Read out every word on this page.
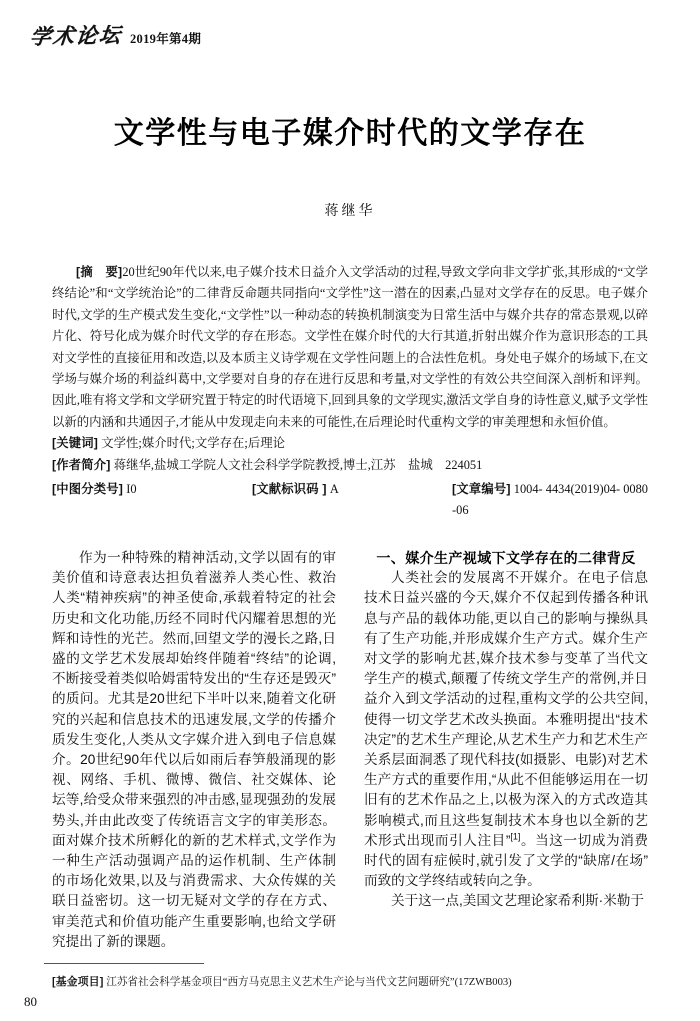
学术论坛 2019年第4期
文学性与电子媒介时代的文学存在
蒋继华

[摘　要]20世纪90年代以来,电子媒介技术日益介入文学活动的过程,导致文学向非文学扩张,其形成的“文学终结论”和“文学统治论”的二律背反命题共同指向“文学性”这一潜在的因素,凸显对文学存在的反思。电子媒介时代,文学的生产模式发生变化,“文学性”以一种动态的转换机制演变为日常生活中与媒介共存的常态景观,以碎片化、符号化成为媒介时代文学的存在形态。文学性在媒介时代的大行其道,折射出媒介作为意识形态的工具对文学性的直接征用和改造,以及本质主义诗学观在文学性问题上的合法性危机。身处电子媒介的场域下,在文学场与媒介场的利益纠葛中,文学要对自身的存在进行反思和考量,对文学性的有效公共空间深入剖析和评判。因此,唯有将文学和文学研究置于特定的时代语境下,回到具象的文学现实,激活文学自身的诗性意义,赋予文学性以新的内涵和共通因子,才能从中发现走向未来的可能性,在后理论时代重构文学的审美理想和永恒价值。

[关键词] 文学性;媒介时代;文学存在;后理论

[作者简介] 蒋继华,盐城工学院人文社会科学学院教授,博士,江苏　盐城　224051

[中图分类号] I0	[文献标识码 ] A	[文章编号] 1004- 4434(2019)04- 0080 -06

作为一种特殊的精神活动,文学以固有的审美价值和诗意表达担负着滋养人类心性、救治人类“精神疾病”的神圣使命,承载着特定的社会历史和文化功能,历经不同时代闪耀着思想的光辉和诗性的光芒。然而,回望文学的漫长之路,日盛的文学艺术发展却始终伴随着“终结”的论调,不断接受着类似哈姆雷特发出的“生存还是毁灭”的质问。尤其是20世纪下半叶以来,随着文化研究的兴起和信息技术的迅速发展,文学的传播介质发生变化,人类从文字媒介进入到电子信息媒介。20世纪90年代以后如雨后春笋般涌现的影视、网络、手机、微博、微信、社交媒体、论坛等,给受众带来强烈的冲击感,显现强劲的发展势头,并由此改变了传统语言文字的审美形态。面对媒介技术所孵化的新的艺术样式,文学作为一种生产活动强调产品的运作机制、生产体制的市场化效果,以及与消费需求、大众传媒的关联日益密切。这一切无疑对文学的存在方式、审美范式和价值功能产生重要影响,也给文学研究提出了新的课题。

一、媒介生产视域下文学存在的二律背反

人类社会的发展离不开媒介。在电子信息技术日益兴盛的今天,媒介不仅起到传播各种讯息与产品的载体功能,更以自己的影响与操纵具有了生产功能,并形成媒介生产方式。媒介生产对文学的影响尤甚,媒介技术参与变革了当代文学生产的模式,颠覆了传统文学生产的常例,并日益介入到文学活动的过程,重构文学的公共空间,使得一切文学艺术改头换面。本雅明提出“技术决定”的艺术生产理论,从艺术生产力和艺术生产关系层面洞悉了现代科技(如摄影、电影)对艺术生产方式的重要作用,“从此不但能够运用在一切旧有的艺术作品之上,以极为深入的方式改造其影响模式,而且这些复制技术本身也以全新的艺术形式出现而引人注目”[1]。当这一切成为消费时代的固有症候时,就引发了文学的“缺席/在场”而致的文学终结或转向之争。

关于这一点,美国文艺理论家希利斯·米勒于

[基金项目] 江苏省社会科学基金项目“西方马克思主义艺术生产论与当代文艺问题研究”(17ZWB003)
80
